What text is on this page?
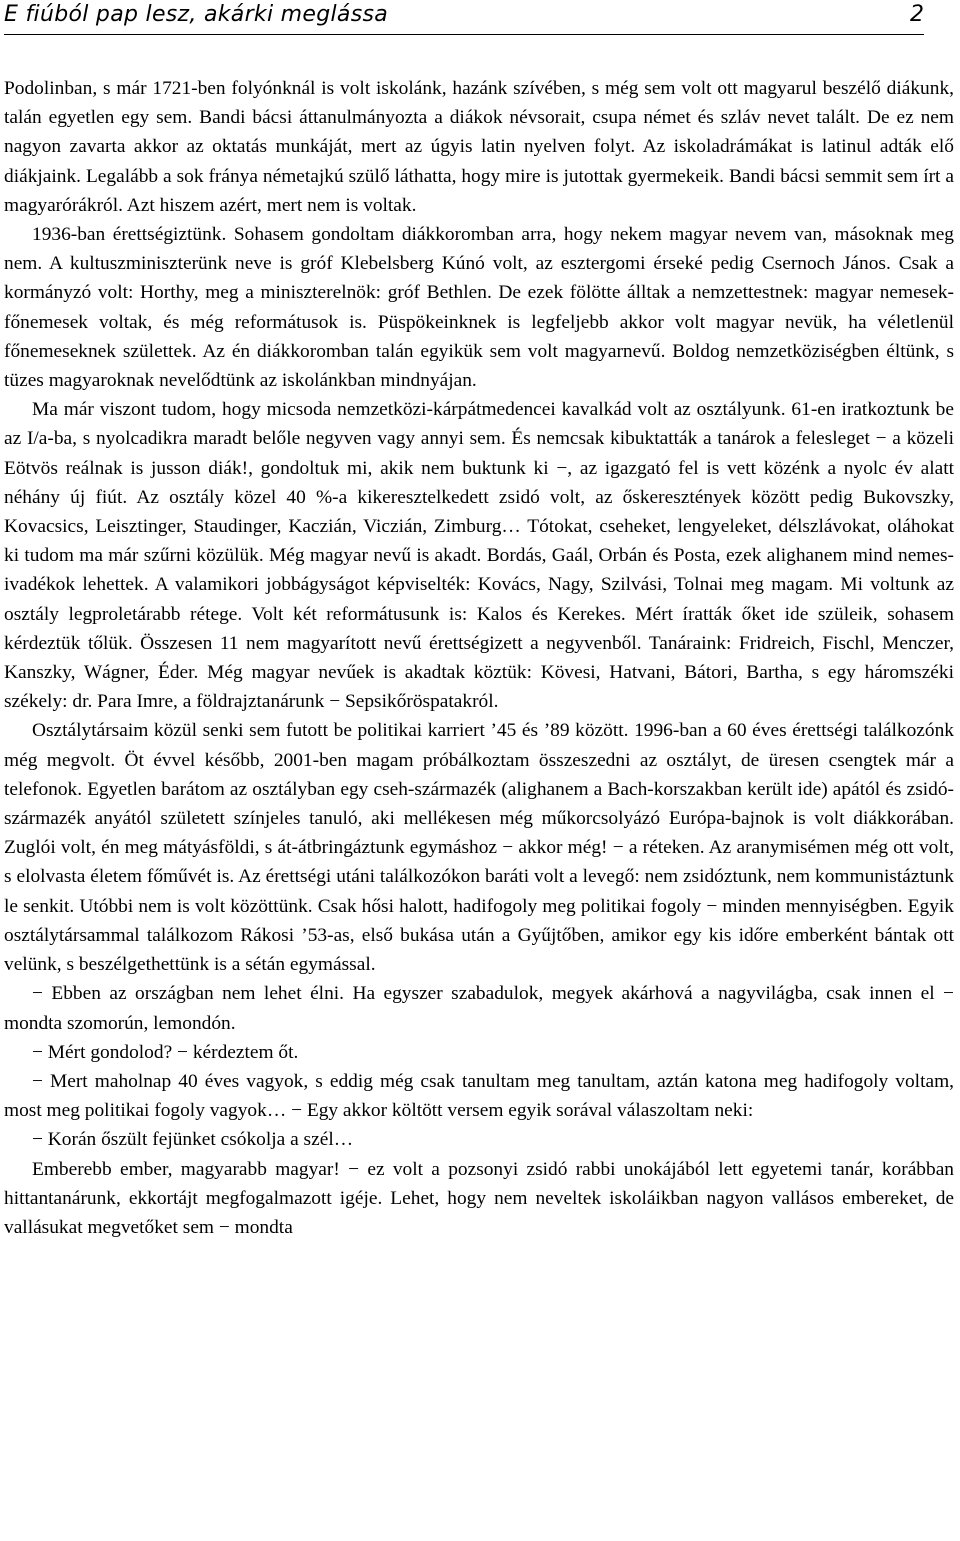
E fiúból pap lesz, akárki meglássa	2

Podolinban, s már 1721-ben folyónknál is volt iskolánk, hazánk szívében, s még sem volt ott magyarul beszélő diákunk, talán egyetlen egy sem. Bandi bácsi áttanulmányozta a diákok névsorait, csupa német és szláv nevet talált. De ez nem nagyon zavarta akkor az oktatás munkáját, mert az úgyis latin nyelven folyt. Az iskoladrámákat is latinul adták elő diákjaink. Legalább a sok fránya németajkú szülő láthatta, hogy mire is jutottak gyermekeik. Bandi bácsi semmit sem írt a magyarórákról. Azt hiszem azért, mert nem is voltak.

1936-ban érettségiztünk. Sohasem gondoltam diákkoromban arra, hogy nekem magyar nevem van, másoknak meg nem. A kultuszminiszterünk neve is gróf Klebelsberg Kúnó volt, az esztergomi érseké pedig Csernoch János. Csak a kormányzó volt: Horthy, meg a miniszterelnök: gróf Bethlen. De ezek fölötte álltak a nemzettestnek: magyar nemesek-főnemesek voltak, és még reformátusok is. Püspökeinknek is legfeljebb akkor volt magyar nevük, ha véletlenül főnemeseknek születtek. Az én diákkoromban talán egyikük sem volt magyarnevű. Boldog nemzetköziségben éltünk, s tüzes magyaroknak nevelődtünk az iskolánkban mindnyájan.

Ma már viszont tudom, hogy micsoda nemzetközi-kárpátmedencei kavalkád volt az osztályunk. 61-en iratkoztunk be az I/a-ba, s nyolcadikra maradt belőle negyven vagy annyi sem. És nemcsak kibuktatták a tanárok a felesleget − a közeli Eötvös reálnak is jusson diák!, gondoltuk mi, akik nem buktunk ki −, az igazgató fel is vett közénk a nyolc év alatt néhány új fiút. Az osztály közel 40 %-a kikeresztelkedett zsidó volt, az őskeresztények között pedig Bukovszky, Kovacsics, Leisztinger, Staudinger, Kaczián, Viczián, Zimburg… Tótokat, cseheket, lengyeleket, délszlávokat, oláhokat ki tudom ma már szűrni közülük. Még magyar nevű is akadt. Bordás, Gaál, Orbán és Posta, ezek alighanem mind nemes-ivadékok lehettek. A valamikori jobbágyságot képviselték: Kovács, Nagy, Szilvási, Tolnai meg magam. Mi voltunk az osztály legproletárabb rétege. Volt két reformátusunk is: Kalos és Kerekes. Mért íratták őket ide szüleik, sohasem kérdeztük tőlük. Összesen 11 nem magyarított nevű érettségizett a negyvenből. Tanáraink: Fridreich, Fischl, Menczer, Kanszky, Wágner, Éder. Még magyar nevűek is akadtak köztük: Kövesi, Hatvani, Bátori, Bartha, s egy háromszéki székely: dr. Para Imre, a földrajztanárunk − Sepsikőröspatakról.

Osztálytársaim közül senki sem futott be politikai karriert ’45 és ’89 között. 1996-ban a 60 éves érettségi találkozónk még megvolt. Öt évvel később, 2001-ben magam próbálkoztam összeszedni az osztályt, de üresen csengtek már a telefonok. Egyetlen barátom az osztályban egy cseh-származék (alighanem a Bach-korszakban került ide) apától és zsidó-származék anyától született színjeles tanuló, aki mellékesen még műkorcsolyázó Európa-bajnok is volt diákkorában. Zuglói volt, én meg mátyásföldi, s át-átbringáztunk egymáshoz − akkor még! − a réteken. Az aranymisémen még ott volt, s elolvasta életem főművét is. Az érettségi utáni találkozókon baráti volt a levegő: nem zsidóztunk, nem kommunistáztunk le senkit. Utóbbi nem is volt közöttünk. Csak hősi halott, hadifogoly meg politikai fogoly − minden mennyiségben. Egyik osztálytársammal találkozom Rákosi ’53-as, első bukása után a Gyűjtőben, amikor egy kis időre emberként bántak ott velünk, s beszélgethettünk is a sétán egymással.

− Ebben az országban nem lehet élni. Ha egyszer szabadulok, megyek akárhová a nagyvilágba, csak innen el − mondta szomorún, lemondón.

− Mért gondolod? − kérdeztem őt.

− Mert maholnap 40 éves vagyok, s eddig még csak tanultam meg tanultam, aztán katona meg hadifogoly voltam, most meg politikai fogoly vagyok… − Egy akkor költött versem egyik sorával válaszoltam neki:

− Korán őszült fejünket csókolja a szél…

Emberebb ember, magyarabb magyar! − ez volt a pozsonyi zsidó rabbi unokájából lett egyetemi tanár, korábban hittantanárunk, ekkortájt megfogalmazott igéje. Lehet, hogy nem neveltek iskoláikban nagyon vallásos embereket, de vallásukat megvetőket sem − mondta
